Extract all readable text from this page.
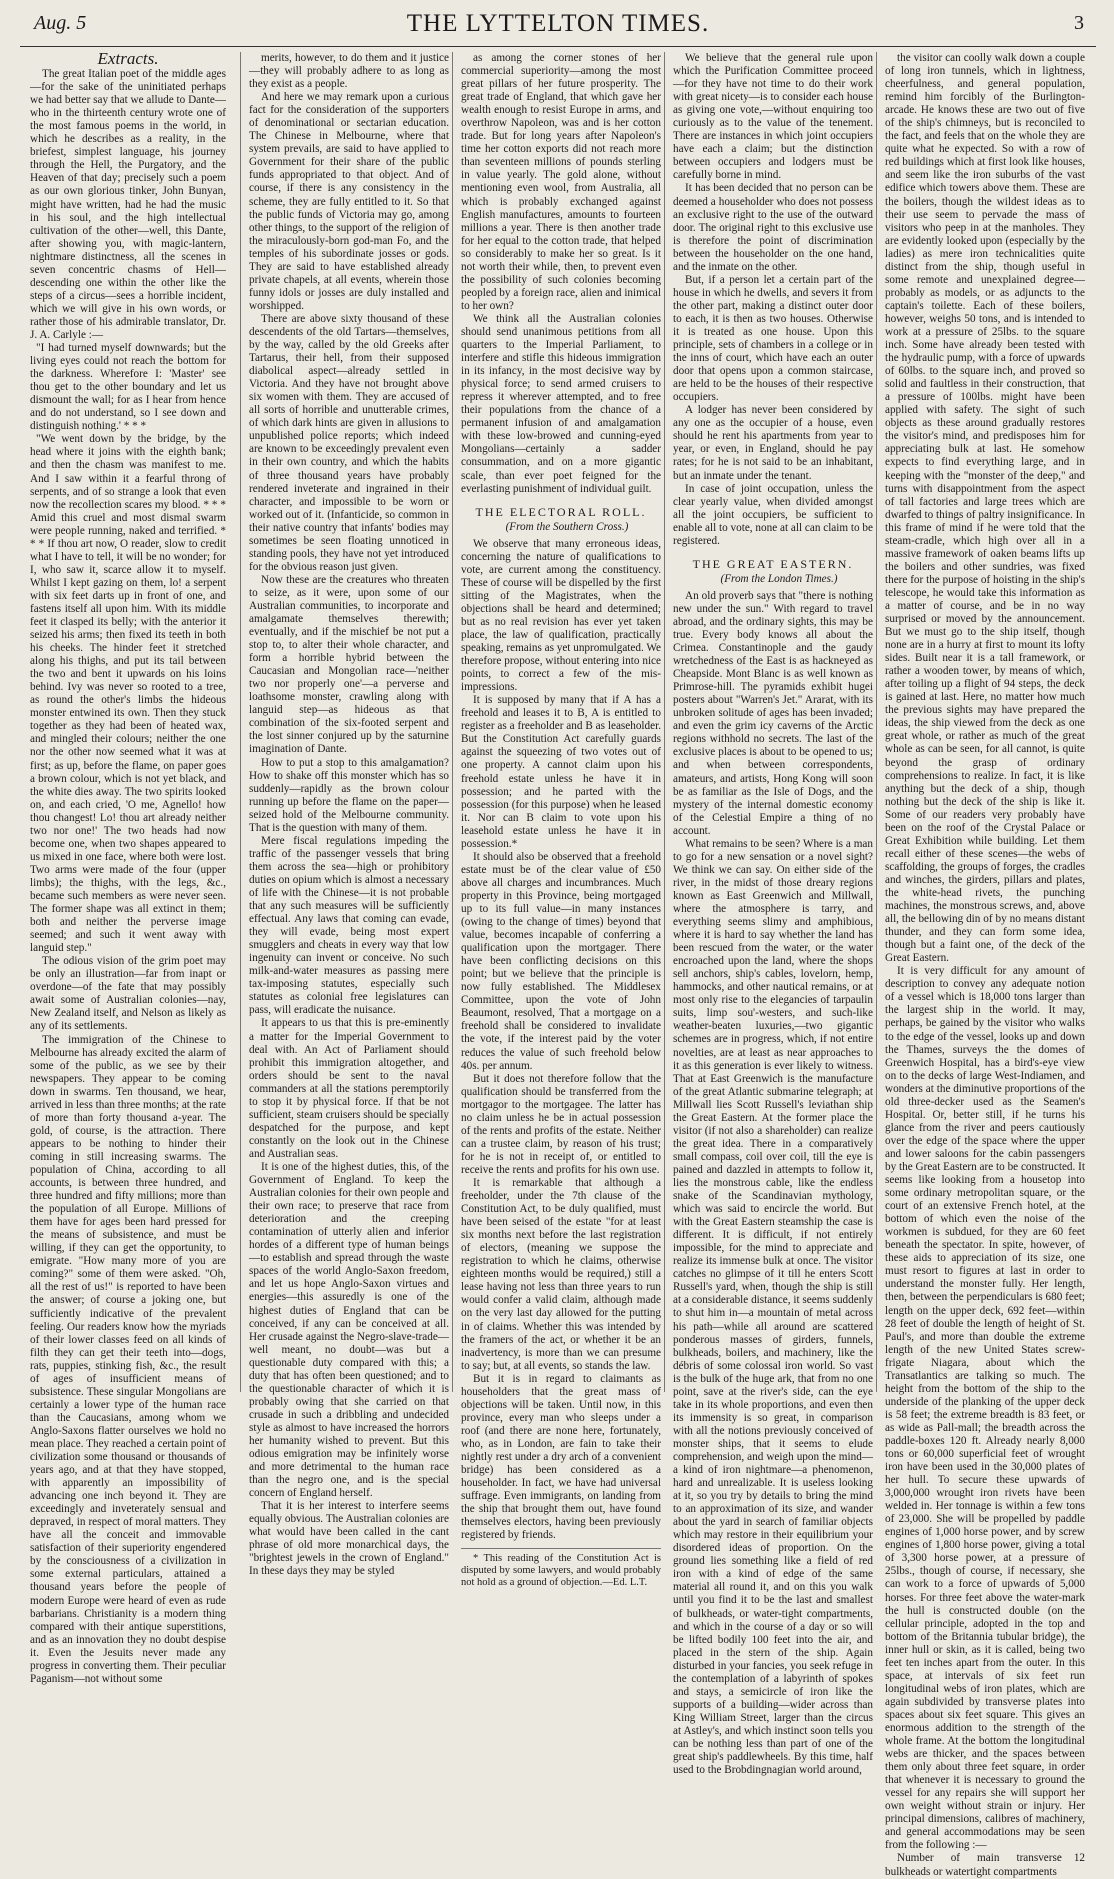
Aug. 5	THE LYTTELTON TIMES.	3
Extracts.

The great Italian poet of the middle ages—for the sake of the uninitiated perhaps we had better say that we allude to Dante—who in the thirteenth century wrote one of the most famous poems in the world, in which he describes as a reality, in the briefest, simplest language, his journey through the Hell, the Purgatory, and the Heaven of that day; precisely such a poem as our own glorious tinker, John Bunyan, might have written, had he had the music in his soul, and the high intellectual cultivation of the other—well, this Dante, after showing you, with magic-lantern, nightmare distinctness, all the scenes in seven concentric chasms of Hell—descending one within the other like the steps of a circus—sees a horrible incident, which we will give in his own words, or rather those of his admirable translator, Dr. J. A. Carlyle :—

"I had turned myself downwards; but the living eyes could not reach the bottom for the darkness. Wherefore I: 'Master' see thou get to the other boundary and let us dismount the wall; for as I hear from hence and do not understand, so I see down and distinguish nothing.' * * *

"We went down by the bridge, by the head where it joins with the eighth bank; and then the chasm was manifest to me. And I saw within it a fearful throng of serpents, and of so strange a look that even now the recollection scares my blood. * * * Amid this cruel and most dismal swarm were people running, naked and terrified. * * * If thou art now, O reader, slow to credit what I have to tell, it will be no wonder; for I, who saw it, scarce allow it to myself. Whilst I kept gazing on them, lo! a serpent with six feet darts up in front of one, and fastens itself all upon him. With its middle feet it clasped its belly; with the anterior it seized his arms; then fixed its teeth in both his cheeks. The hinder feet it stretched along his thighs, and put its tail between the two and bent it upwards on his loins behind. Ivy was never so rooted to a tree, as round the other's limbs the hideous monster entwined its own. Then they stuck together as they had been of heated wax, and mingled their colours; neither the one nor the other now seemed what it was at first; as up, before the flame, on paper goes a brown colour, which is not yet black, and the white dies away. The two spirits looked on, and each cried, 'O me, Agnello! how thou changest! Lo! thou art already neither two nor one!' The two heads had now become one, when two shapes appeared to us mixed in one face, where both were lost. Two arms were made of the four (upper limbs); the thighs, with the legs, &c., became such members as were never seen. The former shape was all extinct in them; both and neither the perverse image seemed; and such it went away with languid step."

The odious vision of the grim poet may be only an illustration—far from inapt or overdone—of the fate that may possibly await some of Australian colonies—nay, New Zealand itself, and Nelson as likely as any of its settlements.

The immigration of the Chinese to Melbourne has already excited the alarm of some of the public, as we see by their newspapers. They appear to be coming down in swarms. Ten thousand, we hear, arrived in less than three months; at the rate of more than forty thousand a-year. The gold, of course, is the attraction. There appears to be nothing to hinder their coming in still increasing swarms. The population of China, according to all accounts, is between three hundred, and three hundred and fifty millions; more than the population of all Europe. Millions of them have for ages been hard pressed for the means of subsistence, and must be willing, if they can get the opportunity, to emigrate. "How many more of you are coming?" some of them were asked. "Oh, all the rest of us!" is reported to have been the answer; of course a joking one, but sufficiently indicative of the prevalent feeling. Our readers know how the myriads of their lower classes feed on all kinds of filth they can get their teeth into—dogs, rats, puppies, stinking fish, &c., the result of ages of insufficient means of subsistence. These singular Mongolians are certainly a lower type of the human race than the Caucasians, among whom we Anglo-Saxons flatter ourselves we hold no mean place. They reached a certain point of civilization some thousand or thousands of years ago, and at that they have stopped, with apparently an impossibility of advancing one inch beyond it. They are exceedingly and inveterately sensual and depraved, in respect of moral matters. They have all the conceit and immovable satisfaction of their superiority engendered by the consciousness of a civilization in some external particulars, attained a thousand years before the people of modern Europe were heard of even as rude barbarians. Christianity is a modern thing compared with their antique superstitions, and as an innovation they no doubt despise it. Even the Jesuits never made any progress in converting them. Their peculiar Paganism—not without some

merits, however, to do them and it justice—they will probably adhere to as long as they exist as a people.

And here we may remark upon a curious fact for the consideration of the supporters of denominational or sectarian education. The Chinese in Melbourne, where that system prevails, are said to have applied to Government for their share of the public funds appropriated to that object. And of course, if there is any consistency in the scheme, they are fully entitled to it. So that the public funds of Victoria may go, among other things, to the support of the religion of the miraculously-born god-man Fo, and the temples of his subordinate josses or gods. They are said to have established already private chapels, at all events, wherein those funny idols or josses are duly installed and worshipped.

There are above sixty thousand of these descendents of the old Tartars—themselves, by the way, called by the old Greeks after Tartarus, their hell, from their supposed diabolical aspect—already settled in Victoria. And they have not brought above six women with them. They are accused of all sorts of horrible and unutterable crimes, of which dark hints are given in allusions to unpublished police reports; which indeed are known to be exceedingly prevalent even in their own country, and which the habits of three thousand years have probably rendered inveterate and ingrained in their character, and impossible to be worn or worked out of it. (Infanticide, so common in their native country that infants' bodies may sometimes be seen floating unnoticed in standing pools, they have not yet introduced for the obvious reason just given.

Now these are the creatures who threaten to seize, as it were, upon some of our Australian communities, to incorporate and amalgamate themselves therewith; eventually, and if the mischief be not put a stop to, to alter their whole character, and form a horrible hybrid between the Caucasian and Mongolian race—'neither two nor properly one'—a perverse and loathsome monster, crawling along with languid step—as hideous as that combination of the six-footed serpent and the lost sinner conjured up by the saturnine imagination of Dante.

How to put a stop to this amalgamation? How to shake off this monster which has so suddenly—rapidly as the brown colour running up before the flame on the paper—seized hold of the Melbourne community. That is the question with many of them.

Mere fiscal regulations impeding the traffic of the passenger vessels that bring them across the sea—high or prohibitory duties on opium which is almost a necessary of life with the Chinese—it is not probable that any such measures will be sufficiently effectual. Any laws that coming can evade, they will evade, being most expert smugglers and cheats in every way that low ingenuity can invent or conceive. No such milk-and-water measures as passing mere tax-imposing statutes, especially such statutes as colonial free legislatures can pass, will eradicate the nuisance.

It appears to us that this is pre-eminently a matter for the Imperial Government to deal with. An Act of Parliament should prohibit this immigration altogether, and orders should be sent to the naval commanders at all the stations peremptorily to stop it by physical force. If that be not sufficient, steam cruisers should be specially despatched for the purpose, and kept constantly on the look out in the Chinese and Australian seas.

It is one of the highest duties, this, of the Government of England. To keep the Australian colonies for their own people and their own race; to preserve that race from deterioration and the creeping contamination of utterly alien and inferior hordes of a different type of human beings—to establish and spread through the waste spaces of the world Anglo-Saxon freedom, and let us hope Anglo-Saxon virtues and energies—this assuredly is one of the highest duties of England that can be conceived, if any can be conceived at all. Her crusade against the Negro-slave-trade—well meant, no doubt—was but a questionable duty compared with this; a duty that has often been questioned; and to the questionable character of which it is probably owing that she carried on that crusade in such a dribbling and undecided style as almost to have increased the horrors her humanity wished to prevent. But this odious emigration may be infinitely worse and more detrimental to the human race than the negro one, and is the special concern of England herself.

That it is her interest to interfere seems equally obvious. The Australian colonies are what would have been called in the cant phrase of old more monarchical days, the "brightest jewels in the crown of England." In these days they may be styled

as among the corner stones of her commercial superiority—among the most great pillars of her future prosperity. The great trade of England, that which gave her wealth enough to resist Europe in arms, and overthrow Napoleon, was and is her cotton trade. But for long years after Napoleon's time her cotton exports did not reach more than seventeen millions of pounds sterling in value yearly. The gold alone, without mentioning even wool, from Australia, all which is probably exchanged against English manufactures, amounts to fourteen millions a year. There is then another trade for her equal to the cotton trade, that helped so considerably to make her so great. Is it not worth their while, then, to prevent even the possibility of such colonies becoming peopled by a foreign race, alien and inimical to her own?

We think all the Australian colonies should send unanimous petitions from all quarters to the Imperial Parliament, to interfere and stifle this hideous immigration in its infancy, in the most decisive way by physical force; to send armed cruisers to repress it wherever attempted, and to free their populations from the chance of a permanent infusion of and amalgamation with these low-browed and cunning-eyed Mongolians—certainly a sadder consummation, and on a more gigantic scale, than ever poet feigned for the everlasting punishment of individual guilt.

THE ELECTORAL ROLL.

(From the Southern Cross.)

We observe that many erroneous ideas, concerning the nature of qualifications to vote, are current among the constituency. These of course will be dispelled by the first sitting of the Magistrates, when the objections shall be heard and determined; but as no real revision has ever yet taken place, the law of qualification, practically speaking, remains as yet unpromulgated. We therefore propose, without entering into nice points, to correct a few of the mis-impressions.

It is supposed by many that if A has a freehold and leases it to B, A is entitled to register as a freeholder and B as leaseholder. But the Constitution Act carefully guards against the squeezing of two votes out of one property. A cannot claim upon his freehold estate unless he have it in possession; and he parted with the possession (for this purpose) when he leased it. Nor can B claim to vote upon his leasehold estate unless he have it in possession.*

It should also be observed that a freehold estate must be of the clear value of £50 above all charges and incumbrances. Much property in this Province, being mortgaged up to its full value—in many instances (owing to the change of times) beyond that value, becomes incapable of conferring a qualification upon the mortgager. There have been conflicting decisions on this point; but we believe that the principle is now fully established. The Middlesex Committee, upon the vote of John Beaumont, resolved, That a mortgage on a freehold shall be considered to invalidate the vote, if the interest paid by the voter reduces the value of such freehold below 40s. per annum.

But it does not therefore follow that the qualification should be transferred from the mortgagor to the mortgagee. The latter has no claim unless he be in actual possession of the rents and profits of the estate. Neither can a trustee claim, by reason of his trust; for he is not in receipt of, or entitled to receive the rents and profits for his own use.

It is remarkable that although a freeholder, under the 7th clause of the Constitution Act, to be duly qualified, must have been seised of the estate "for at least six months next before the last registration of electors, (meaning we suppose the registration to which he claims, otherwise eighteen months would be required,) still a lease having not less than three years to run would confer a valid claim, although made on the very last day allowed for the putting in of claims. Whether this was intended by the framers of the act, or whether it be an inadvertency, is more than we can presume to say; but, at all events, so stands the law.

But it is in regard to claimants as householders that the great mass of objections will be taken. Until now, in this province, every man who sleeps under a roof (and there are none here, fortunately, who, as in London, are fain to take their nightly rest under a dry arch of a convenient bridge) has been considered as a householder. In fact, we have had universal suffrage. Even immigrants, on landing from the ship that brought them out, have found themselves electors, having been previously registered by friends.

* This reading of the Constitution Act is disputed by some lawyers, and would probably not hold as a ground of objection.—Ed. L.T.

We believe that the general rule upon which the Purification Committee proceed—for they have not time to do their work with great nicety—is to consider each house as giving one vote,—without enquiring too curiously as to the value of the tenement. There are instances in which joint occupiers have each a claim; but the distinction between occupiers and lodgers must be carefully borne in mind.

It has been decided that no person can be deemed a householder who does not possess an exclusive right to the use of the outward door. The original right to this exclusive use is therefore the point of discrimination between the householder on the one hand, and the inmate on the other.

But, if a person let a certain part of the house in which he dwells, and severs it from the other part, making a distinct outer door to each, it is then as two houses. Otherwise it is treated as one house. Upon this principle, sets of chambers in a college or in the inns of court, which have each an outer door that opens upon a common staircase, are held to be the houses of their respective occupiers.

A lodger has never been considered by any one as the occupier of a house, even should he rent his apartments from year to year, or even, in England, should he pay rates; for he is not said to be an inhabitant, but an inmate under the tenant.

In case of joint occupation, unless the clear yearly value, when divided amongst all the joint occupiers, be sufficient to enable all to vote, none at all can claim to be registered.

THE GREAT EASTERN.

(From the London Times.)

An old proverb says that "there is nothing new under the sun." With regard to travel abroad, and the ordinary sights, this may be true. Every body knows all about the Crimea. Constantinople and the gaudy wretchedness of the East is as hackneyed as Cheapside. Mont Blanc is as well known as Primrose-hill. The pyramids exhibit hugei posters about "Warren's Jet." Ararat, with its unbroken solitude of ages has been invaded; and even the grim icy caverns of the Arctic regions withhold no secrets. The last of the exclusive places is about to be opened to us; and when between correspondents, amateurs, and artists, Hong Kong will soon be as familiar as the Isle of Dogs, and the mystery of the internal domestic economy of the Celestial Empire a thing of no account.

What remains to be seen? Where is a man to go for a new sensation or a novel sight? We think we can say. On either side of the river, in the midst of those dreary regions known as East Greenwich and Millwall, where the atmosphere is tarry, and everything seems slimy and amphibious, where it is hard to say whether the land has been rescued from the water, or the water encroached upon the land, where the shops sell anchors, ship's cables, lovelorn, hemp, hammocks, and other nautical remains, or at most only rise to the elegancies of tarpaulin suits, limp sou'-westers, and such-like weather-beaten luxuries,—two gigantic schemes are in progress, which, if not entire novelties, are at least as near approaches to it as this generation is ever likely to witness. That at East Greenwich is the manufacture of the great Atlantic submarine telegraph; at Millwall lies Scott Russell's leviathan ship the Great Eastern. At the former place the visitor (if not also a shareholder) can realize the great idea. There in a comparatively small compass, coil over coil, till the eye is pained and dazzled in attempts to follow it, lies the monstrous cable, like the endless snake of the Scandinavian mythology, which was said to encircle the world. But with the Great Eastern steamship the case is different. It is difficult, if not entirely impossible, for the mind to appreciate and realize its immense bulk at once. The visitor catches no glimpse of it till he enters Scott Russell's yard, when, though the ship is still at a considerable distance, it seems suddenly to shut him in—a mountain of metal across his path—while all around are scattered ponderous masses of girders, funnels, bulkheads, boilers, and machinery, like the débris of some colossal iron world. So vast is the bulk of the huge ark, that from no one point, save at the river's side, can the eye take in its whole proportions, and even then its immensity is so great, in comparison with all the notions previously conceived of monster ships, that it seems to elude comprehension, and weigh upon the mind—a kind of iron nightmare—a phenomenon, hard and unrealizable. It is useless looking at it, so you try by details to bring the mind to an approximation of its size, and wander about the yard in search of familiar objects which may restore in their equilibrium your disordered ideas of proportion. On the ground lies something like a field of red iron with a kind of edge of the same material all round it, and on this you walk until you find it to be the last and smallest of bulkheads, or water-tight compartments, and which in the course of a day or so will be lifted bodily 100 feet into the air, and placed in the stern of the ship. Again disturbed in your fancies, you seek refuge in the contemplation of a labyrinth of spokes and stays, a semicircle of iron like the supports of a building—wider across than King William Street, larger than the circus at Astley's, and which instinct soon tells you can be nothing less than part of one of the great ship's paddlewheels. By this time, half used to the Brobdingnagian world around,

the visitor can coolly walk down a couple of long iron tunnels, which in lightness, cheerfulness, and general population, remind him forcibly of the Burlington-arcade. He knows these are two out of five of the ship's chimneys, but is reconciled to the fact, and feels that on the whole they are quite what he expected. So with a row of red buildings which at first look like houses, and seem like the iron suburbs of the vast edifice which towers above them. These are the boilers, though the wildest ideas as to their use seem to pervade the mass of visitors who peep in at the manholes. They are evidently looked upon (especially by the ladies) as mere iron technicalities quite distinct from the ship, though useful in some remote and unexplained degree—probably as models, or as adjuncts to the captain's toilette. Each of these boilers, however, weighs 50 tons, and is intended to work at a pressure of 25lbs. to the square inch. Some have already been tested with the hydraulic pump, with a force of upwards of 60lbs. to the square inch, and proved so solid and faultless in their construction, that a pressure of 100lbs. might have been applied with safety. The sight of such objects as these around gradually restores the visitor's mind, and predisposes him for appreciating bulk at last. He somehow expects to find everything large, and in keeping with the "monster of the deep," and turns with disappointment from the aspect of tall factories and large trees which are dwarfed to things of paltry insignificance. In this frame of mind if he were told that the steam-cradle, which high over all in a massive framework of oaken beams lifts up the boilers and other sundries, was fixed there for the purpose of hoisting in the ship's telescope, he would take this information as a matter of course, and be in no way surprised or moved by the announcement. But we must go to the ship itself, though none are in a hurry at first to mount its lofty sides. Built near it is a tall framework, or rather a wooden tower, by means of which, after toiling up a flight of 94 steps, the deck is gained at last. Here, no matter how much the previous sights may have prepared the ideas, the ship viewed from the deck as one great whole, or rather as much of the great whole as can be seen, for all cannot, is quite beyond the grasp of ordinary comprehensions to realize. In fact, it is like anything but the deck of a ship, though nothing but the deck of the ship is like it. Some of our readers very probably have been on the roof of the Crystal Palace or Great Exhibition while building. Let them recall either of these scenes—the webs of scaffolding, the groups of forges, the cradles and winches, the girders, pillars and plates, the white-head rivets, the punching machines, the monstrous screws, and, above all, the bellowing din of by no means distant thunder, and they can form some idea, though but a faint one, of the deck of the Great Eastern.

It is very difficult for any amount of description to convey any adequate notion of a vessel which is 18,000 tons larger than the largest ship in the world. It may, perhaps, be gained by the visitor who walks to the edge of the vessel, looks up and down the Thames, surveys the the domes of Greenwich Hospital, has a bird's-eye view on to the decks of large West-Indiamen, and wonders at the diminutive proportions of the old three-decker used as the Seamen's Hospital. Or, better still, if he turns his glance from the river and peers cautiously over the edge of the space where the upper and lower saloons for the cabin passengers by the Great Eastern are to be constructed. It seems like looking from a housetop into some ordinary metropolitan square, or the court of an extensive French hotel, at the bottom of which even the noise of the workmen is subdued, for they are 60 feet beneath the spectator. In spite, however, of these aids to appreciation of its size, one must resort to figures at last in order to understand the monster fully. Her length, then, between the perpendiculars is 680 feet; length on the upper deck, 692 feet—within 28 feet of double the length of height of St. Paul's, and more than double the extreme length of the new United States screw-frigate Niagara, about which the Transatlantics are talking so much. The height from the bottom of the ship to the underside of the planking of the upper deck is 58 feet; the extreme breadth is 83 feet, or as wide as Pall-mall; the breadth across the paddle-boxes 120 ft. Already nearly 8,000 tons or 60,000 superficial feet of wrought iron have been used in the 30,000 plates of her hull. To secure these upwards of 3,000,000 wrought iron rivets have been welded in. Her tonnage is within a few tons of 23,000. She will be propelled by paddle engines of 1,000 horse power, and by screw engines of 1,800 horse power, giving a total of 3,300 horse power, at a pressure of 25lbs., though of course, if necessary, she can work to a force of upwards of 5,000 horses. For three feet above the water-mark the hull is constructed double (on the cellular principle, adopted in the top and bottom of the Britannia tubular bridge), the inner hull or skin, as it is called, being two feet ten inches apart from the outer. In this space, at intervals of six feet run longitudinal webs of iron plates, which are again subdivided by transverse plates into spaces about six feet square. This gives an enormous addition to the strength of the whole frame. At the bottom the longitudinal webs are thicker, and the spaces between them only about three feet square, in order that whenever it is necessary to ground the vessel for any repairs she will support her own weight without strain or injury. Her principal dimensions, calibres of machinery, and general accommodations may be seen from the following :—

Number of main transverse bulkheads or watertight compartments
12
